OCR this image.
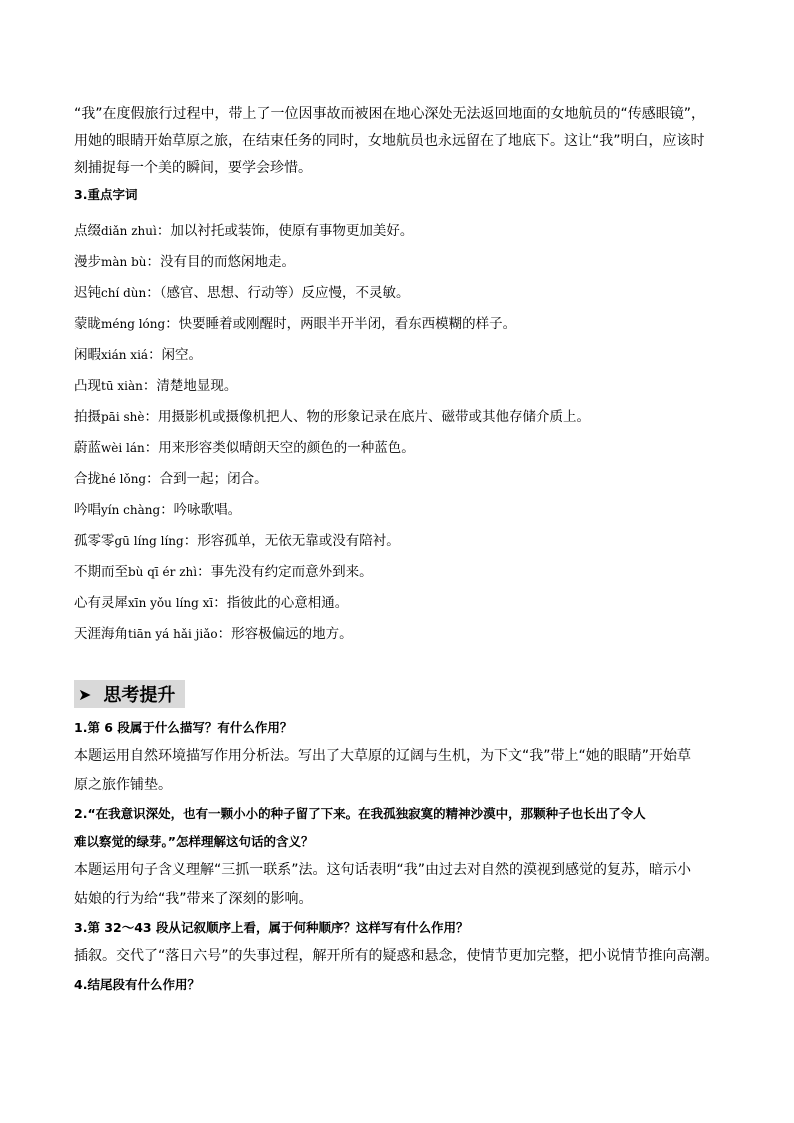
“我”在度假旅行过程中，带上了一位因事故而被困在地心深处无法返回地面的女地航员的“传感眼镜”，

用她的眼睛开始草原之旅，在结束任务的同时，女地航员也永远留在了地底下。这让“我”明白，应该时

刻捕捉每一个美的瞬间，要学会珍惜。

3.重点字词

点缀diǎn zhuì：加以衬托或装饰，使原有事物更加美好。
漫步màn bù：没有目的而悠闲地走。
迟钝chí dùn：（感官、思想、行动等）反应慢，不灵敏。
蒙眬méng lóng：快要睡着或刚醒时，两眼半开半闭，看东西模糊的样子。
闲暇xián xiá：闲空。
凸现tū xiàn：清楚地显现。
拍摄pāi shè：用摄影机或摄像机把人、物的形象记录在底片、磁带或其他存储介质上。
蔚蓝wèi lán：用来形容类似晴朗天空的颜色的一种蓝色。
合拢hé lǒng：合到一起；闭合。
吟唱yín chàng：吟咏歌唱。
孤零零gū líng líng：形容孤单，无依无靠或没有陪衬。
不期而至bù qī ér zhì：事先没有约定而意外到来。
心有灵犀xīn yǒu líng xī：指彼此的心意相通。
天涯海角tiān yá hǎi jiǎo：形容极偏远的地方。
➤ 思考提升

1.第 6 段属于什么描写？有什么作用？

本题运用自然环境描写作用分析法。写出了大草原的辽阔与生机，为下文“我”带上“她的眼睛”开始草

原之旅作铺垫。

2.“在我意识深处，也有一颗小小的种子留了下来。在我孤独寂寞的精神沙漠中，那颗种子也长出了令人

难以察觉的绿芽。”怎样理解这句话的含义？

本题运用句子含义理解“三抓一联系”法。这句话表明“我”由过去对自然的漠视到感觉的复苏，暗示小

姑娘的行为给“我”带来了深刻的影响。

3.第 32～43 段从记叙顺序上看，属于何种顺序？这样写有什么作用？

插叙。交代了“落日六号”的失事过程，解开所有的疑惑和悬念，使情节更加完整，把小说情节推向高潮。

4.结尾段有什么作用？
